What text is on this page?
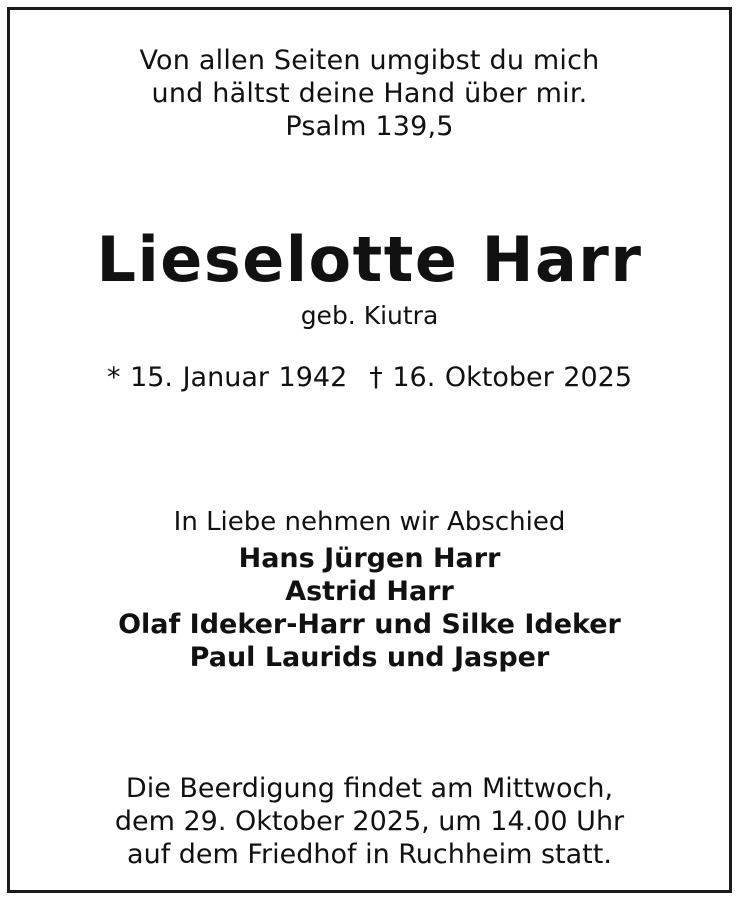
Von allen Seiten umgibst du mich
und hältst deine Hand über mir.
Psalm 139,5
Lieselotte Harr
geb. Kiutra
* 15. Januar 1942 † 16. Oktober 2025
In Liebe nehmen wir Abschied
Hans Jürgen Harr
Astrid Harr
Olaf Ideker-Harr und Silke Ideker
Paul Laurids und Jasper
Die Beerdigung findet am Mittwoch,
dem 29. Oktober 2025, um 14.00 Uhr
auf dem Friedhof in Ruchheim statt.
